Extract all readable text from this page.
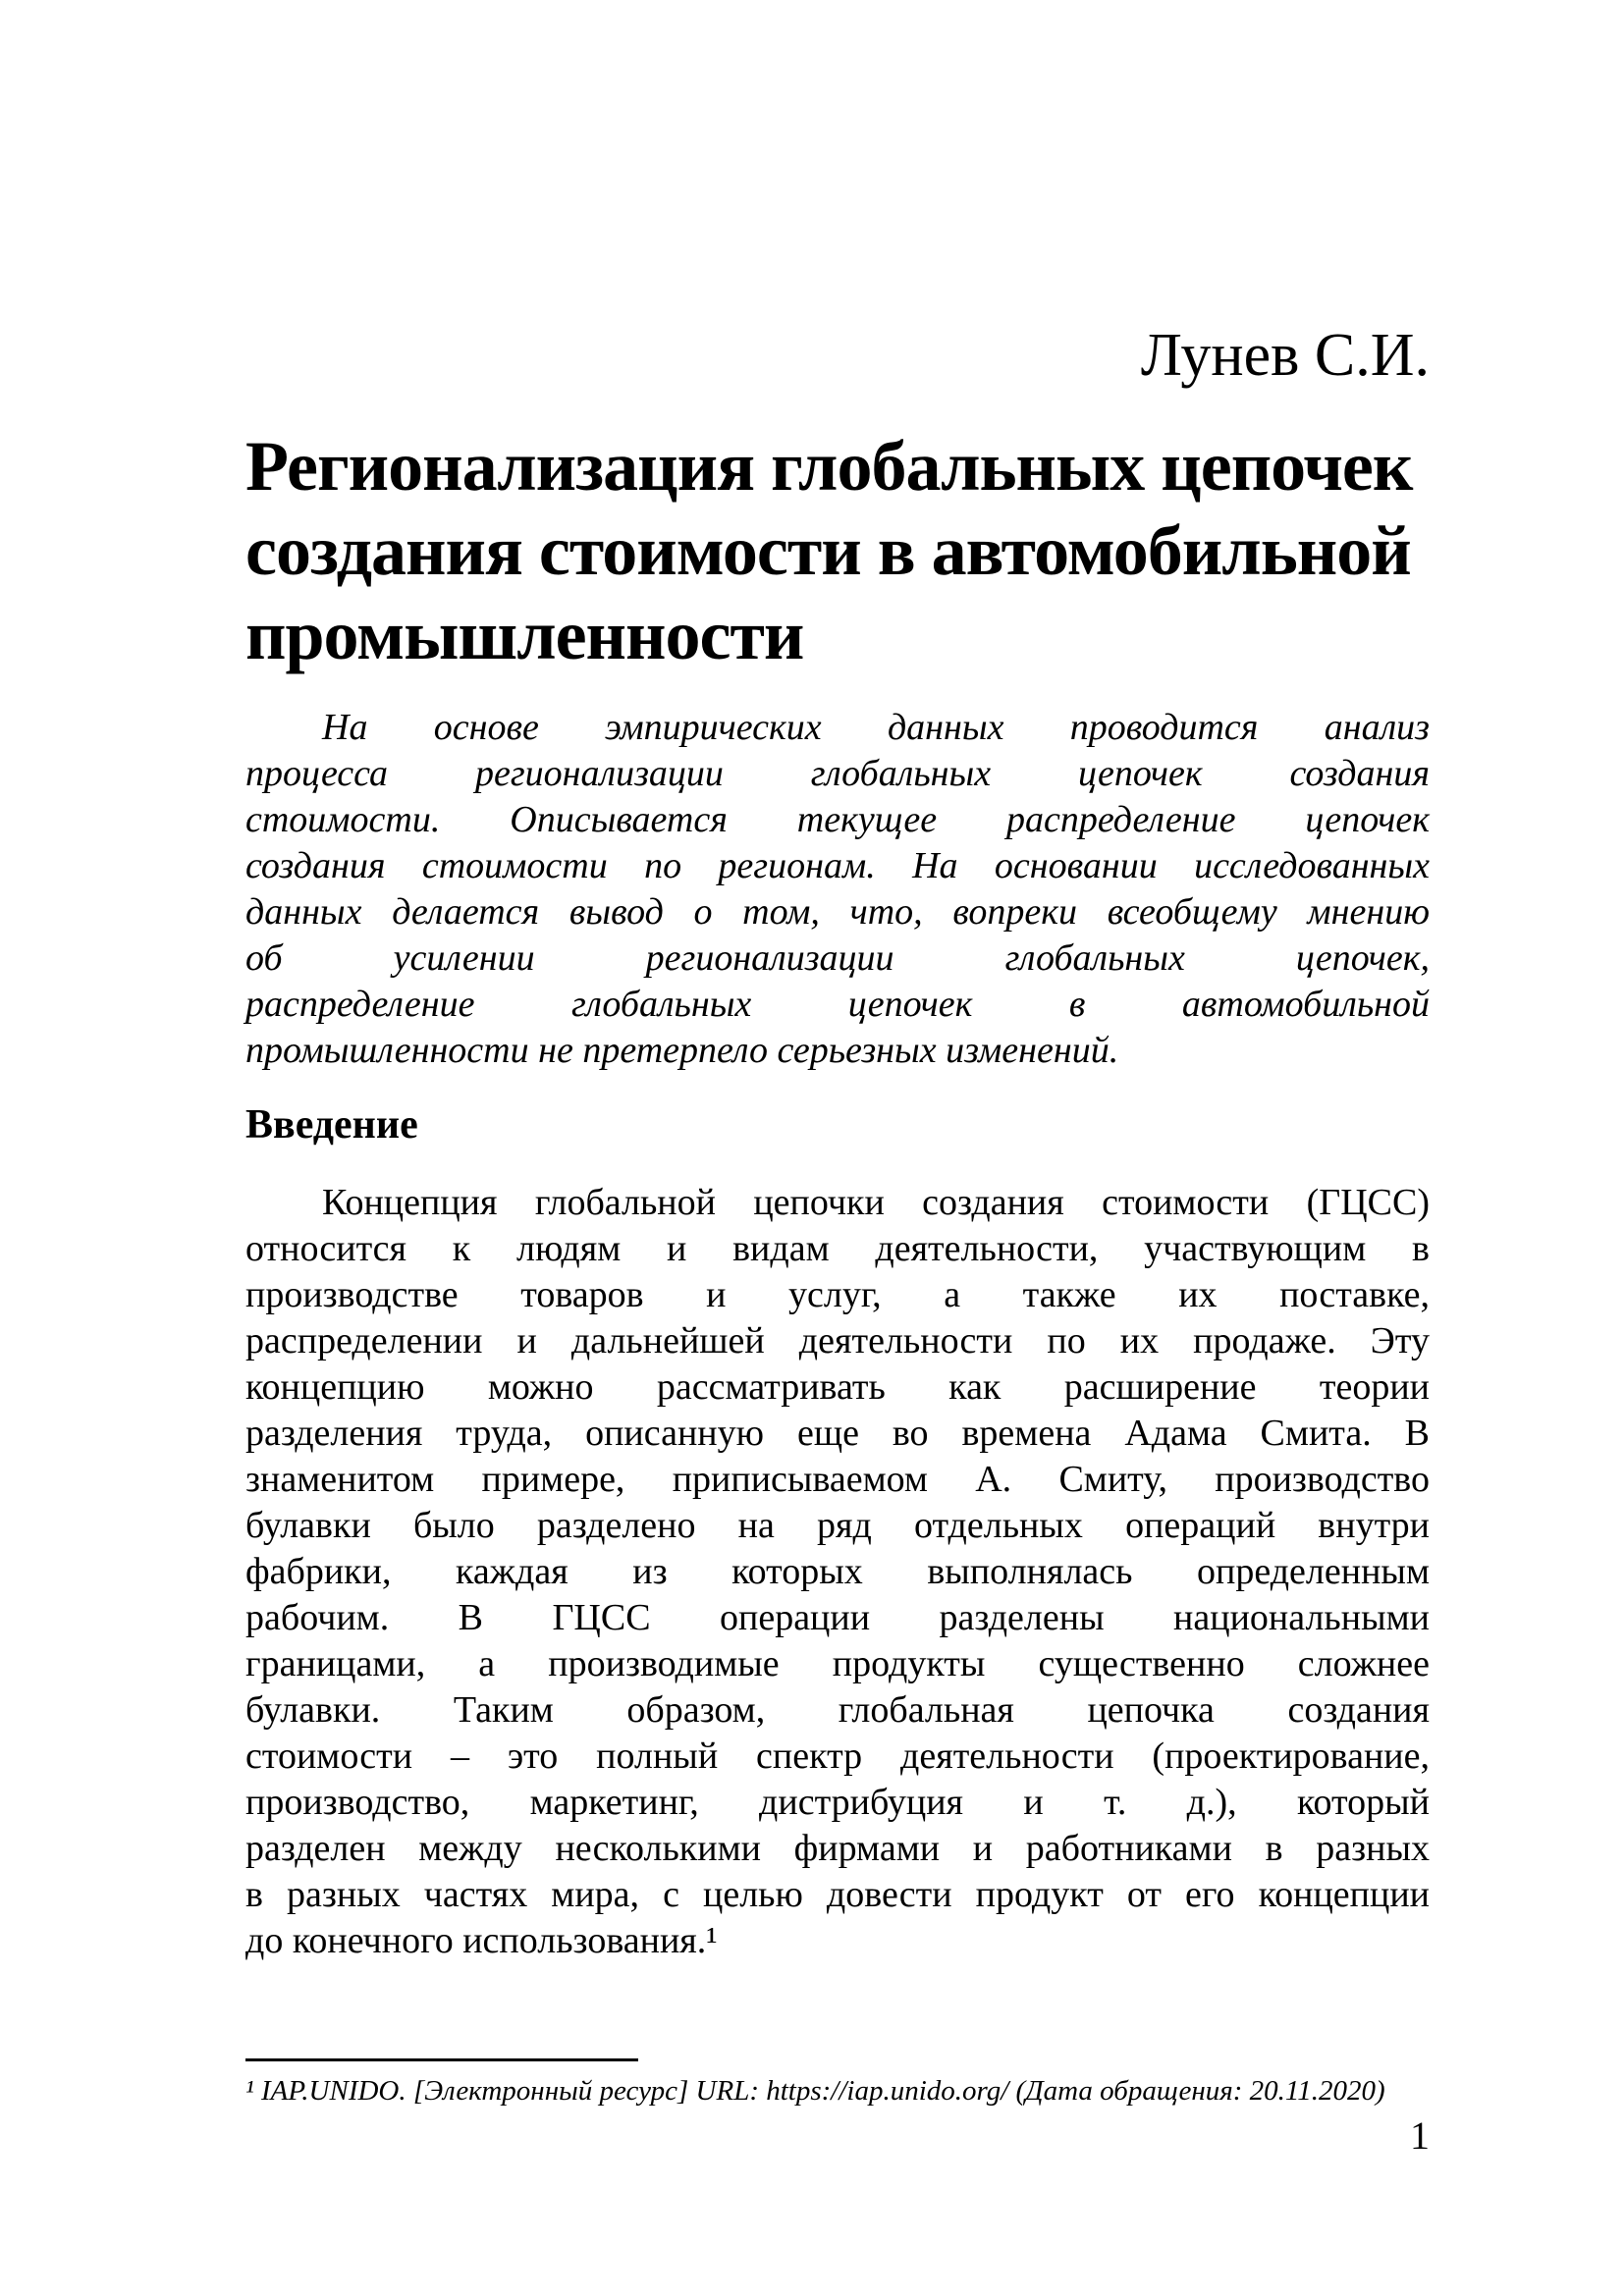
Лунев С.И.
Регионализация глобальных цепочек создания стоимости в автомобильной промышленности
На основе эмпирических данных проводится анализ
процесса регионализации глобальных цепочек создания
стоимости. Описывается текущее распределение цепочек
создания стоимости по регионам. На основании исследованных
данных делается вывод о том, что, вопреки всеобщему мнению
об усилении регионализации глобальных цепочек,
распределение глобальных цепочек в автомобильной
промышленности не претерпело серьезных изменений.
Введение
Концепция глобальной цепочки создания стоимости (ГЦСС)
относится к людям и видам деятельности, участвующим в
производстве товаров и услуг, а также их поставке,
распределении и дальнейшей деятельности по их продаже. Эту
концепцию можно рассматривать как расширение теории
разделения труда, описанную еще во времена Адама Смита. В
знаменитом примере, приписываемом А. Смиту, производство
булавки было разделено на ряд отдельных операций внутри
фабрики, каждая из которых выполнялась определенным
рабочим. В ГЦСС операции разделены национальными
границами, а производимые продукты существенно сложнее
булавки. Таким образом, глобальная цепочка создания
стоимости – это полный спектр деятельности (проектирование,
производство, маркетинг, дистрибуция и т. д.), который
разделен между несколькими фирмами и работниками в разных
в разных частях мира, с целью довести продукт от его концепции
до конечного использования.¹
¹ IAP.UNIDO. [Электронный ресурс] URL: https://iap.unido.org/ (Дата обращения: 20.11.2020)
1
